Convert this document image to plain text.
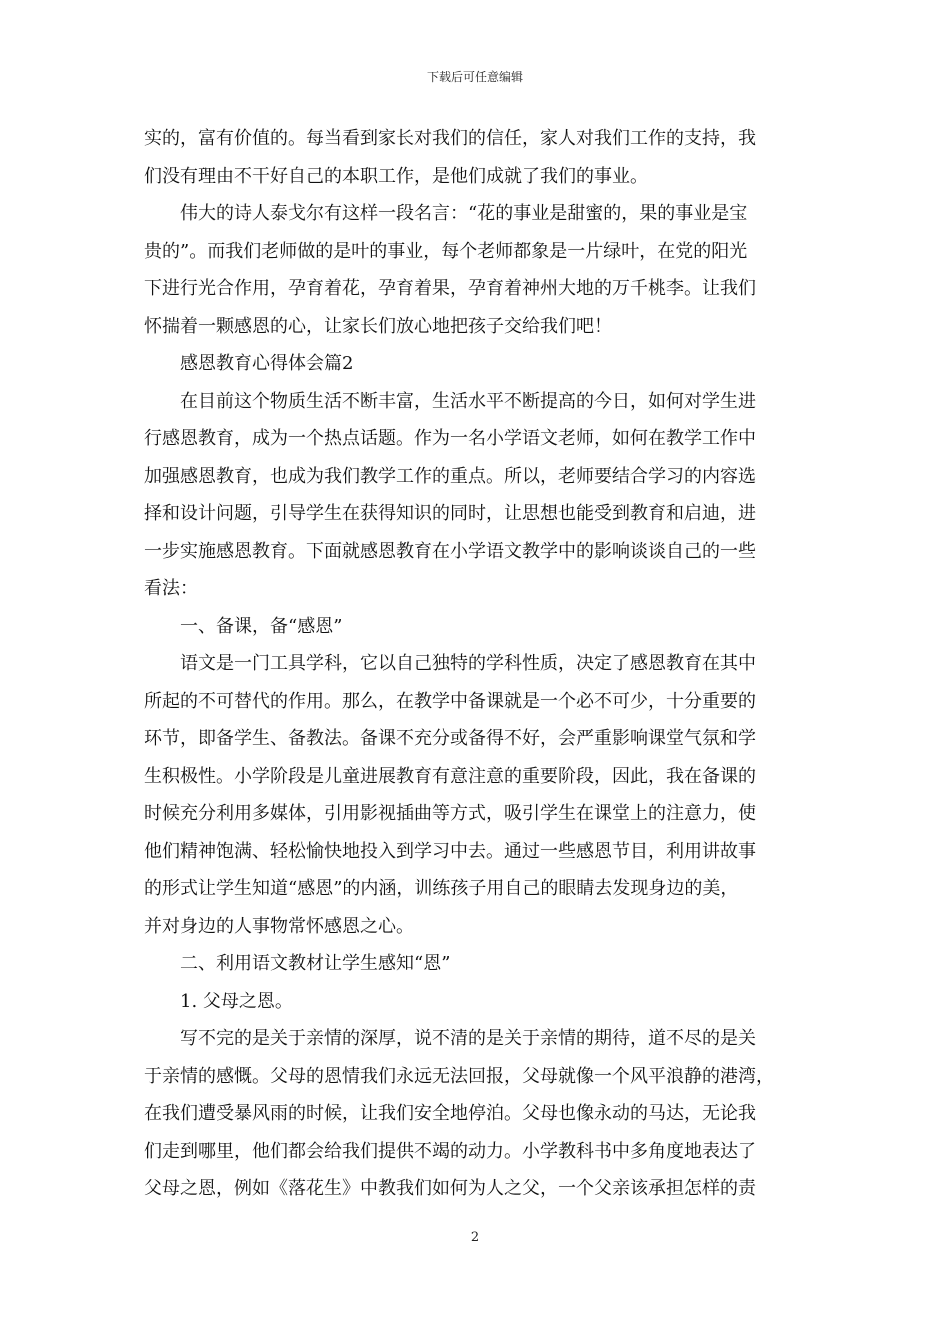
下载后可任意编辑
实的，富有价值的。每当看到家长对我们的信任，家人对我们工作的支持，我
们没有理由不干好自己的本职工作，是他们成就了我们的事业。
伟大的诗人泰戈尔有这样一段名言：“花的事业是甜蜜的，果的事业是宝
贵的”。而我们老师做的是叶的事业，每个老师都象是一片绿叶，在党的阳光
下进行光合作用，孕育着花，孕育着果，孕育着神州大地的万千桃李。让我们
怀揣着一颗感恩的心，让家长们放心地把孩子交给我们吧！
感恩教育心得体会篇2
在目前这个物质生活不断丰富，生活水平不断提高的今日，如何对学生进
行感恩教育，成为一个热点话题。作为一名小学语文老师，如何在教学工作中
加强感恩教育，也成为我们教学工作的重点。所以，老师要结合学习的内容选
择和设计问题，引导学生在获得知识的同时，让思想也能受到教育和启迪，进
一步实施感恩教育。下面就感恩教育在小学语文教学中的影响谈谈自己的一些
看法：
一、备课，备“感恩”
语文是一门工具学科，它以自己独特的学科性质，决定了感恩教育在其中
所起的不可替代的作用。那么，在教学中备课就是一个必不可少，十分重要的
环节，即备学生、备教法。备课不充分或备得不好，会严重影响课堂气氛和学
生积极性。小学阶段是儿童进展教育有意注意的重要阶段，因此，我在备课的
时候充分利用多媒体，引用影视插曲等方式，吸引学生在课堂上的注意力，使
他们精神饱满、轻松愉快地投入到学习中去。通过一些感恩节目，利用讲故事
的形式让学生知道“感恩”的内涵，训练孩子用自己的眼睛去发现身边的美，
并对身边的人事物常怀感恩之心。
二、利用语文教材让学生感知“恩”
1. 父母之恩。
写不完的是关于亲情的深厚，说不清的是关于亲情的期待，道不尽的是关
于亲情的感慨。父母的恩情我们永远无法回报，父母就像一个风平浪静的港湾，
在我们遭受暴风雨的时候，让我们安全地停泊。父母也像永动的马达，无论我
们走到哪里，他们都会给我们提供不竭的动力。小学教科书中多角度地表达了
父母之恩，例如《落花生》中教我们如何为人之父，一个父亲该承担怎样的责
2
